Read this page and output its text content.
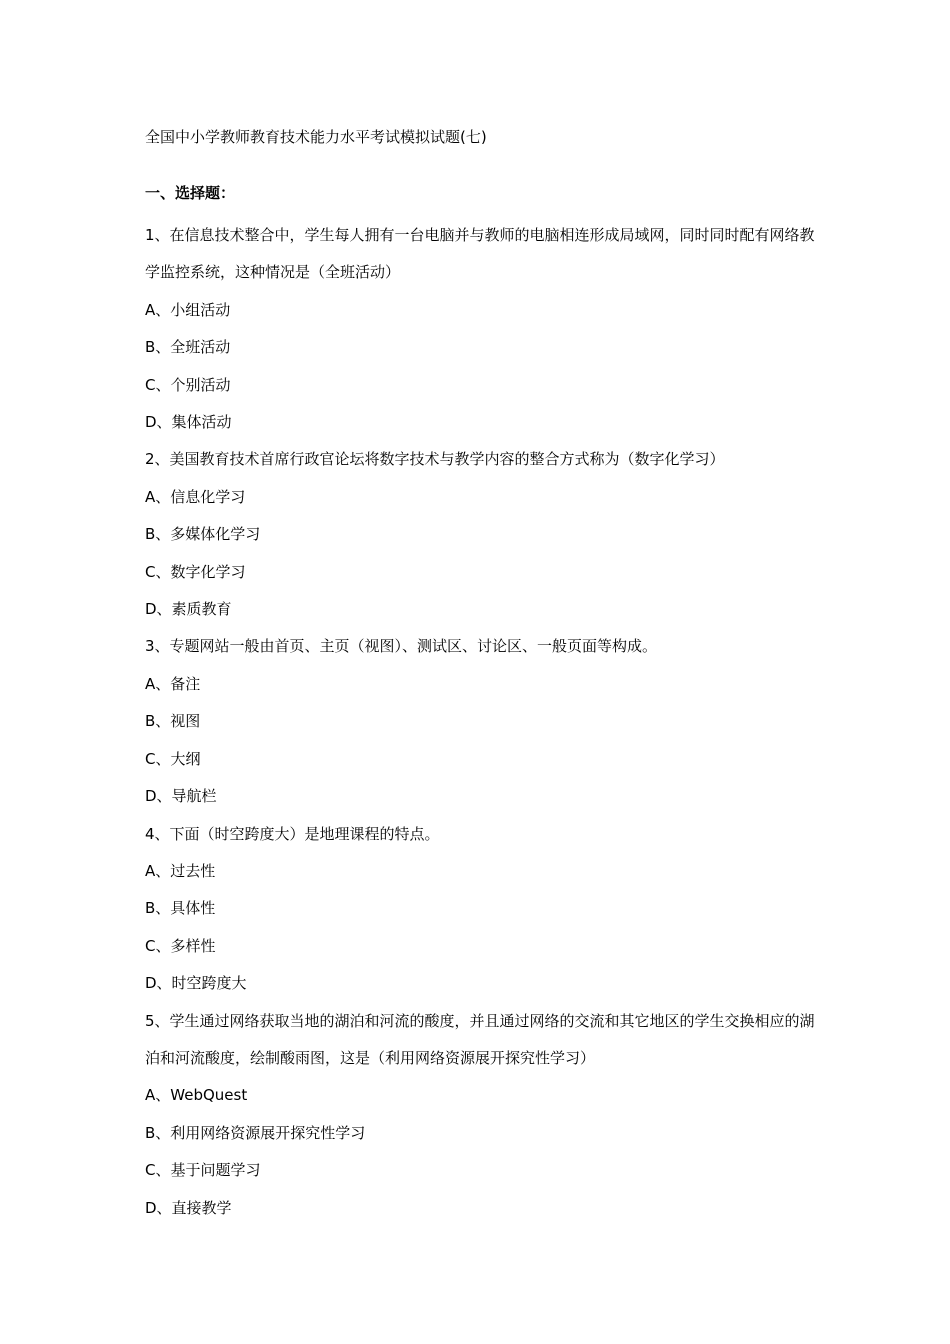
全国中小学教师教育技术能力水平考试模拟试题(七)
一、选择题：

1、在信息技术整合中，学生每人拥有一台电脑并与教师的电脑相连形成局域网，同时同时配有网络教学监控系统，这种情况是（全班活动）

A、小组活动

B、全班活动

C、个别活动

D、集体活动

2、美国教育技术首席行政官论坛将数字技术与教学内容的整合方式称为（数字化学习）

A、信息化学习

B、多媒体化学习

C、数字化学习

D、素质教育

3、专题网站一般由首页、主页（视图）、测试区、讨论区、一般页面等构成。

A、备注

B、视图

C、大纲

D、导航栏

4、下面（时空跨度大）是地理课程的特点。

A、过去性

B、具体性

C、多样性

D、时空跨度大

5、学生通过网络获取当地的湖泊和河流的酸度，并且通过网络的交流和其它地区的学生交换相应的湖泊和河流酸度，绘制酸雨图，这是（利用网络资源展开探究性学习）

A、WebQuest

B、利用网络资源展开探究性学习

C、基于问题学习

D、直接教学
